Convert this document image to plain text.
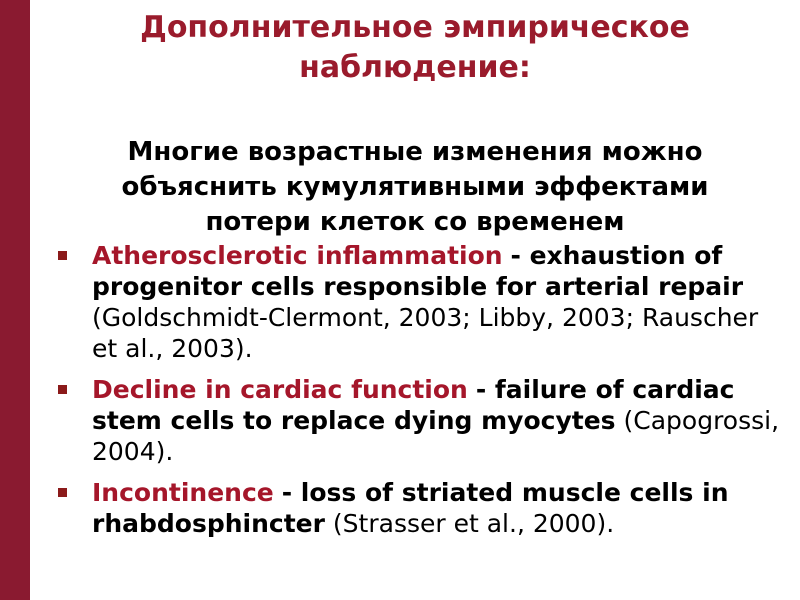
Дополнительное эмпирическое наблюдение:
Многие возрастные изменения можно объяснить кумулятивными эффектами потери клеток со временем
Atherosclerotic inflammation - exhaustion of progenitor cells responsible for arterial repair (Goldschmidt-Clermont, 2003; Libby, 2003; Rauscher et al., 2003).
Decline in cardiac function - failure of cardiac stem cells to replace dying myocytes (Capogrossi, 2004).
Incontinence - loss of striated muscle cells in rhabdosphincter (Strasser et al., 2000).
